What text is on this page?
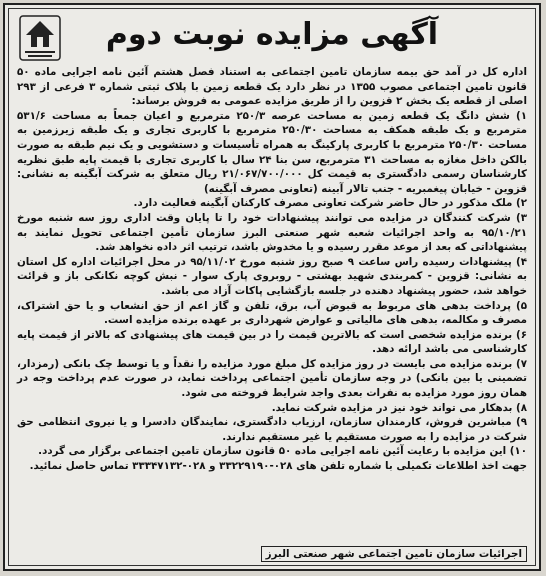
آگهی مزایده نوبت دوم

اداره کل در آمد حق بیمه سازمان تامین اجتماعی به استناد فصل هشتم آئین نامه اجرایی ماده ۵۰ قانون تامین اجتماعی مصوب ۱۳۵۵ در نظر دارد یک قطعه زمین با پلاک ثبتی شماره ۳ فرعی از ۲۹۳ اصلی از قطعه یک بخش ۲ قزوین را از طریق مزایده عمومی به فروش برساند:

۱) شش دانگ یک قطعه زمین به مساحت عرصه ۲۵۰/۳ مترمربع و اعیان جمعاً به مساحت ۵۳۱/۶ مترمربع و یک طبقه همکف به مساحت ۲۵۰/۳۰ مترمربع با کاربری تجاری و یک طبقه زیرزمین به مساحت ۲۵۰/۳۰ مترمربع با کاربری پارکینگ به همراه تأسیسات و دستشویی و یک نیم طبقه به صورت بالکن داخل مغازه به مساحت ۳۱ مترمربع، سن بنا ۲۴ سال با کاربری تجاری با قیمت پایه طبق نظریه کارشناسان رسمی دادگستری به قیمت کل ۲۱/۰۶۷/۷۰۰/۰۰۰ ریال متعلق به شرکت آبگینه به نشانی: قزوین - خیابان پیغمبریه - جنب تالار آبینه (تعاونی مصرف آبگینه)

۲) ملک مذکور در حال حاضر شرکت تعاونی مصرف کارکنان آبگینه فعالیت دارد.

۳) شرکت کنندگان در مزایده می توانند پیشنهادات خود را تا پایان وقت اداری روز سه شنبه مورخ ۹۵/۱۰/۲۱ به واحد اجرائیات شعبه شهر صنعتی البرز سازمان تأمین اجتماعی تحویل نمایند به پیشنهاداتی که بعد از موعد مقرر رسیده و یا مخدوش باشد، ترتیب اثر داده نخواهد شد.

۴) پیشنهادات رسیده راس ساعت ۹ صبح روز شنبه مورخ ۹۵/۱۱/۰۲ در محل اجرائیات اداره کل استان به نشانی: قزوین - کمربندی شهید بهشتی - روبروی پارک سوار - نبش کوچه نکانکی باز و قرائت خواهد شد، حضور پیشنهاد دهنده در جلسه بازگشایی پاکات آزاد می باشد.

۵) پرداخت بدهی های مربوط به قبوض آب، برق، تلفن و گاز اعم از حق انشعاب و یا حق اشتراک، مصرف و مکالمه، بدهی های مالیاتی و عوارض شهرداری بر عهده برنده مزایده است.

۶) برنده مزایده شخصی است که بالاترین قیمت را در بین قیمت های پیشنهادی که بالاتر از قیمت پایه کارشناسی می باشد ارائه دهد.

۷) برنده مزایده می بایست در روز مزایده کل مبلغ مورد مزایده را نقداً و یا توسط چک بانکی (رمزدار، تضمینی یا بین بانکی) در وجه سازمان تأمین اجتماعی پرداخت نماید، در صورت عدم پرداخت وجه در همان روز مورد مزایده به نفرات بعدی واجد شرایط فروخته می شود.

۸) بدهکار می تواند خود نیز در مزایده شرکت نماید.

۹) مباشرین فروش، کارمندان سازمان، ارزیاب دادگستری، نمایندگان دادسرا و یا نیروی انتظامی حق شرکت در مزایده را به صورت مستقیم یا غیر مستقیم ندارند.

۱۰) این مزایده با رعایت آئین نامه اجرایی ماده ۵۰ قانون سازمان تامین اجتماعی برگزار می گردد.

جهت اخذ اطلاعات تکمیلی با شماره تلفن های ۰۲۸-۳۳۲۲۹۱۹۰ و ۰۲۸-۳۳۳۴۷۱۳۲ تماس حاصل نمائید.

اجرائیات سازمان تامین اجتماعی شهر صنعتی البرز
